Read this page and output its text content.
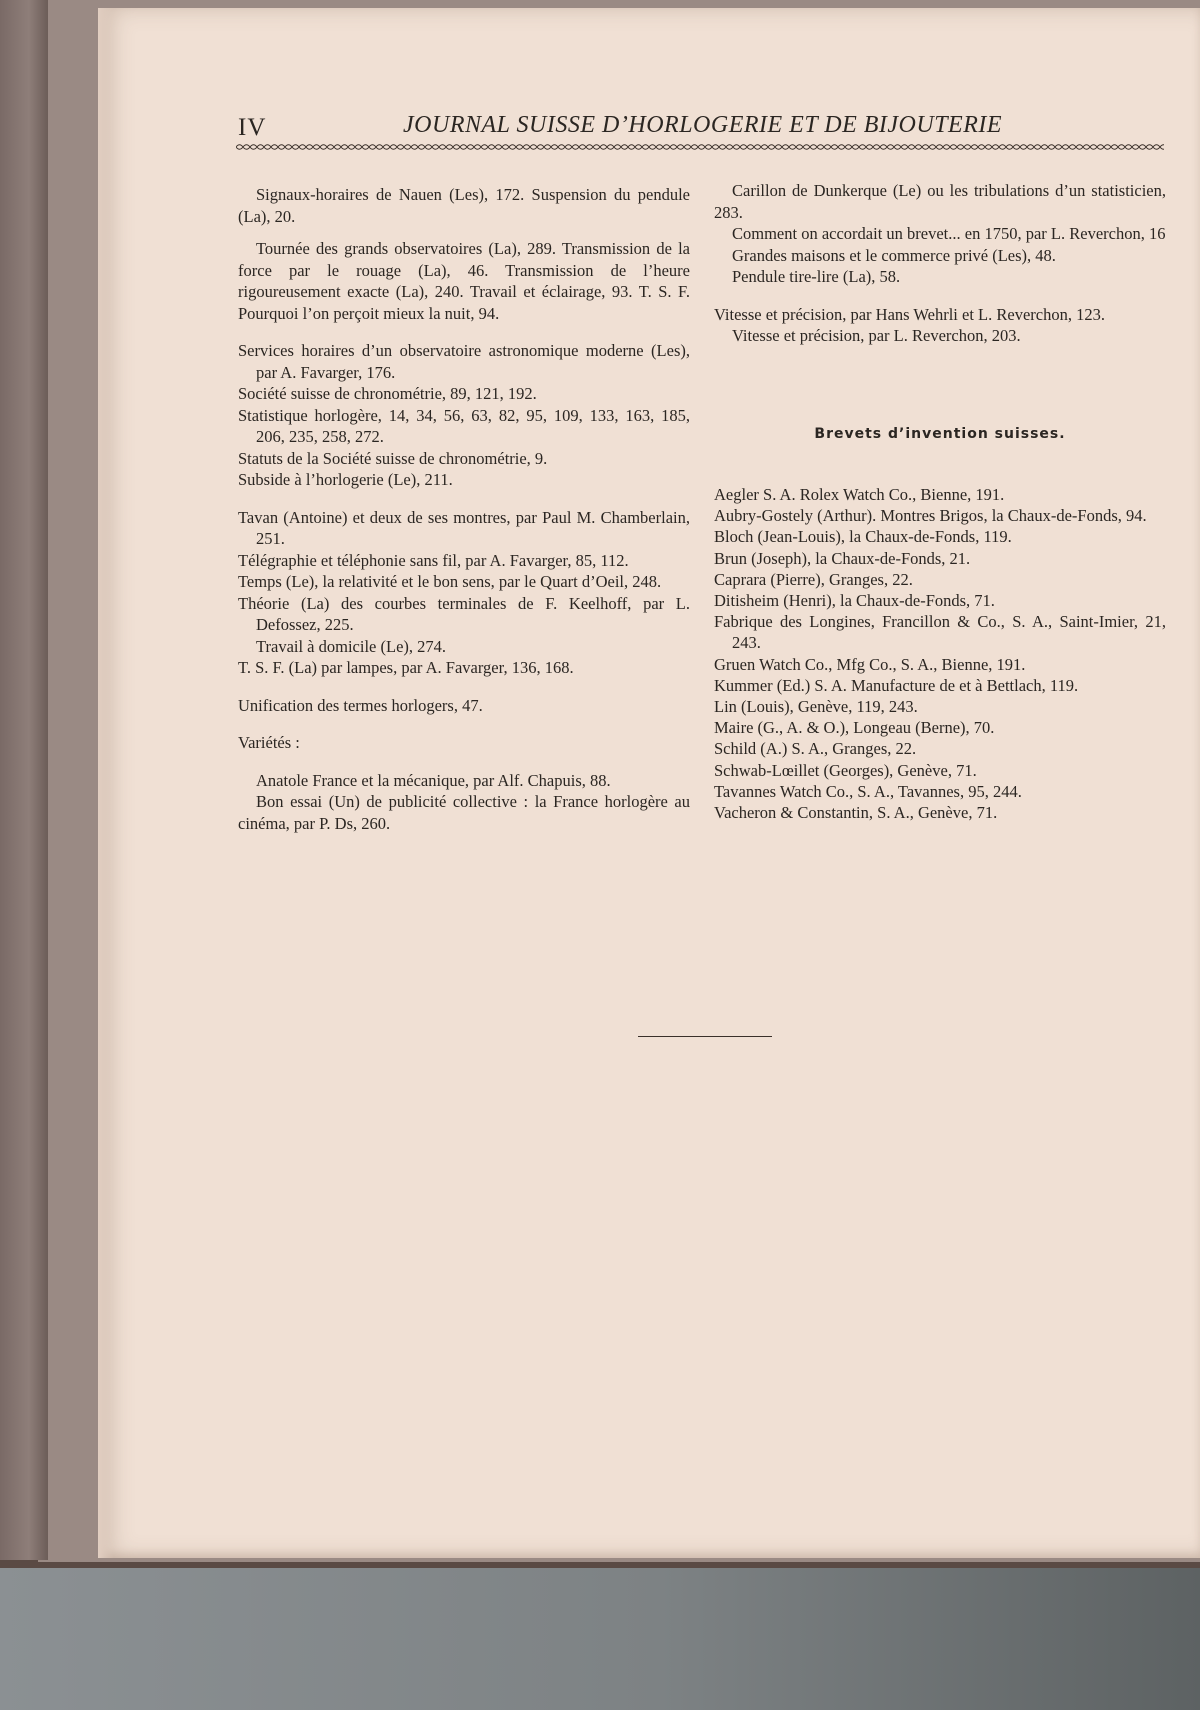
IV	JOURNAL SUISSE D’HORLOGERIE ET DE BIJOUTERIE

Signaux-horaires de Nauen (Les), 172. Suspension du pendule (La), 20.

Tournée des grands observatoires (La), 289. Transmission de la force par le rouage (La), 46. Transmission de l’heure rigoureusement exacte (La), 240. Travail et éclairage, 93. T. S. F. Pourquoi l’on perçoit mieux la nuit, 94.

Services horaires d’un observatoire astronomique moderne (Les), par A. Favarger, 176.

Société suisse de chronométrie, 89, 121, 192.

Statistique horlogère, 14, 34, 56, 63, 82, 95, 109, 133, 163, 185, 206, 235, 258, 272.

Statuts de la Société suisse de chronométrie, 9.

Subside à l’horlogerie (Le), 211.

Tavan (Antoine) et deux de ses montres, par Paul M. Chamberlain, 251.

Télégraphie et téléphonie sans fil, par A. Favarger, 85, 112.

Temps (Le), la relativité et le bon sens, par le Quart d’Oeil, 248.

Théorie (La) des courbes terminales de F. Keelhoff, par L. Defossez, 225.

Travail à domicile (Le), 274.

T. S. F. (La) par lampes, par A. Favarger, 136, 168.

Unification des termes horlogers, 47.

Variétés :

Anatole France et la mécanique, par Alf. Chapuis, 88.

Bon essai (Un) de publicité collective : la France horlogère au cinéma, par P. Ds, 260.

Carillon de Dunkerque (Le) ou les tribulations d’un statisticien, 283.

Comment on accordait un brevet... en 1750, par L. Reverchon, 16

Grandes maisons et le commerce privé (Les), 48.

Pendule tire-lire (La), 58.

Vitesse et précision, par Hans Wehrli et L. Reverchon, 123.

Vitesse et précision, par L. Reverchon, 203.

Brevets d’invention suisses.

Aegler S. A. Rolex Watch Co., Bienne, 191.

Aubry-Gostely (Arthur). Montres Brigos, la Chaux-de-Fonds, 94.

Bloch (Jean-Louis), la Chaux-de-Fonds, 119.

Brun (Joseph), la Chaux-de-Fonds, 21.

Caprara (Pierre), Granges, 22.

Ditisheim (Henri), la Chaux-de-Fonds, 71.

Fabrique des Longines, Francillon & Co., S. A., Saint-Imier, 21, 243.

Gruen Watch Co., Mfg Co., S. A., Bienne, 191.

Kummer (Ed.) S. A. Manufacture de et à Bettlach, 119.

Lin (Louis), Genève, 119, 243.

Maire (G., A. & O.), Longeau (Berne), 70.

Schild (A.) S. A., Granges, 22.

Schwab-Lœillet (Georges), Genève, 71.

Tavannes Watch Co., S. A., Tavannes, 95, 244.

Vacheron & Constantin, S. A., Genève, 71.
